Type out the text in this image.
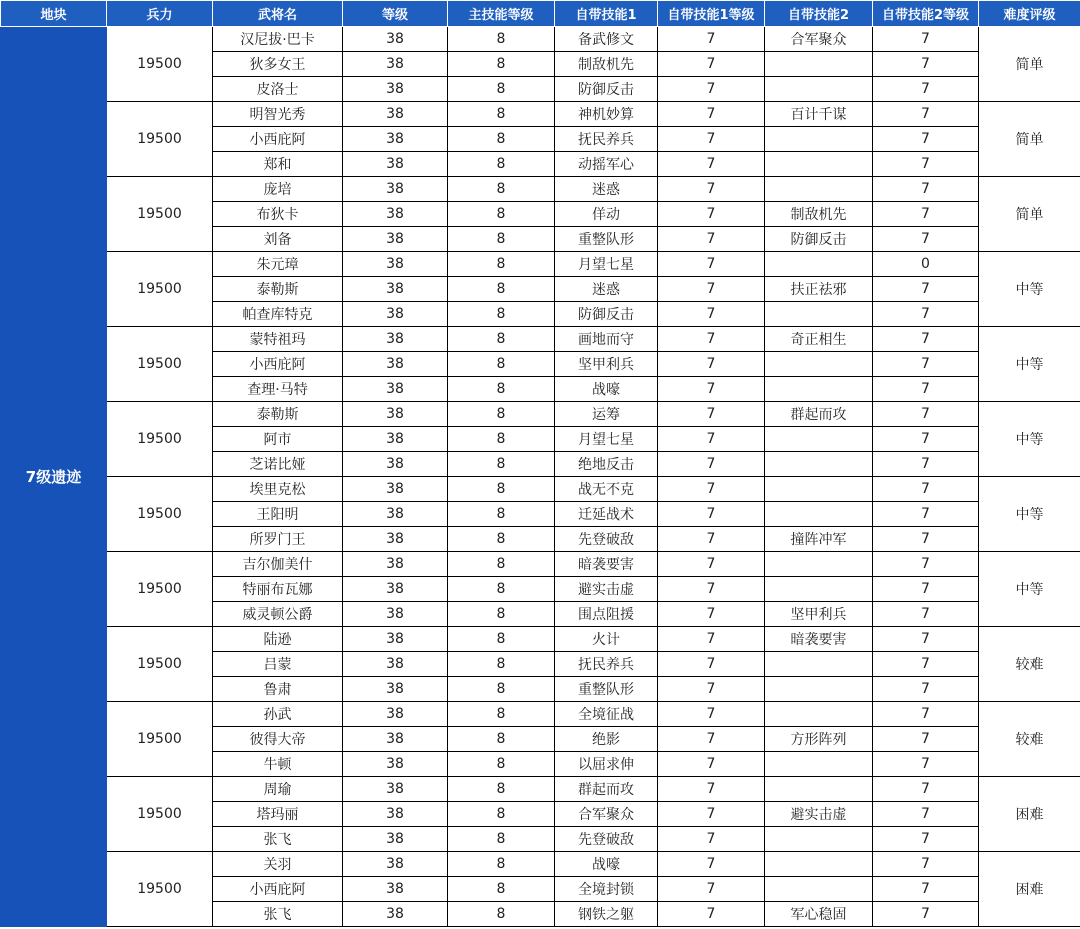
地块	兵力	武将名	等级	主技能等级	自带技能1	自带技能1等级	自带技能2	自带技能2等级	难度评级
7级遗迹	19500	汉尼拔·巴卡	38	8	备武修文	7	合军聚众	7	简单
		狄多女王	38	8	制敌机先	7		7	
		皮洛士	38	8	防御反击	7		7	
	19500	明智光秀	38	8	神机妙算	7	百计千谋	7	简单
		小西庇阿	38	8	抚民养兵	7		7	
		郑和	38	8	动摇军心	7		7	
	19500	庞培	38	8	迷惑	7		7	简单
		布狄卡	38	8	佯动	7	制敌机先	7	
		刘备	38	8	重整队形	7	防御反击	7	
	19500	朱元璋	38	8	月望七星	7		0	中等
		泰勒斯	38	8	迷惑	7	扶正祛邪	7	
		帕查库特克	38	8	防御反击	7		7	
	19500	蒙特祖玛	38	8	画地而守	7	奇正相生	7	中等
		小西庇阿	38	8	坚甲利兵	7		7	
		查理·马特	38	8	战嚎	7		7	
	19500	泰勒斯	38	8	运筹	7	群起而攻	7	中等
		阿市	38	8	月望七星	7		7	
		芝诺比娅	38	8	绝地反击	7		7	
	19500	埃里克松	38	8	战无不克	7		7	中等
		王阳明	38	8	迁延战术	7		7	
		所罗门王	38	8	先登破敌	7	撞阵冲军	7	
	19500	吉尔伽美什	38	8	暗袭要害	7		7	中等
		特丽布瓦娜	38	8	避实击虚	7		7	
		威灵顿公爵	38	8	围点阻援	7	坚甲利兵	7	
	19500	陆逊	38	8	火计	7	暗袭要害	7	较难
		吕蒙	38	8	抚民养兵	7		7	
		鲁肃	38	8	重整队形	7		7	
	19500	孙武	38	8	全境征战	7		7	较难
		彼得大帝	38	8	绝影	7	方形阵列	7	
		牛顿	38	8	以屈求伸	7		7	
	19500	周瑜	38	8	群起而攻	7		7	困难
		塔玛丽	38	8	合军聚众	7	避实击虚	7	
		张飞	38	8	先登破敌	7		7	
	19500	关羽	38	8	战嚎	7		7	困难
		小西庇阿	38	8	全境封锁	7		7	
		张飞	38	8	钢铁之躯	7	军心稳固	7	
